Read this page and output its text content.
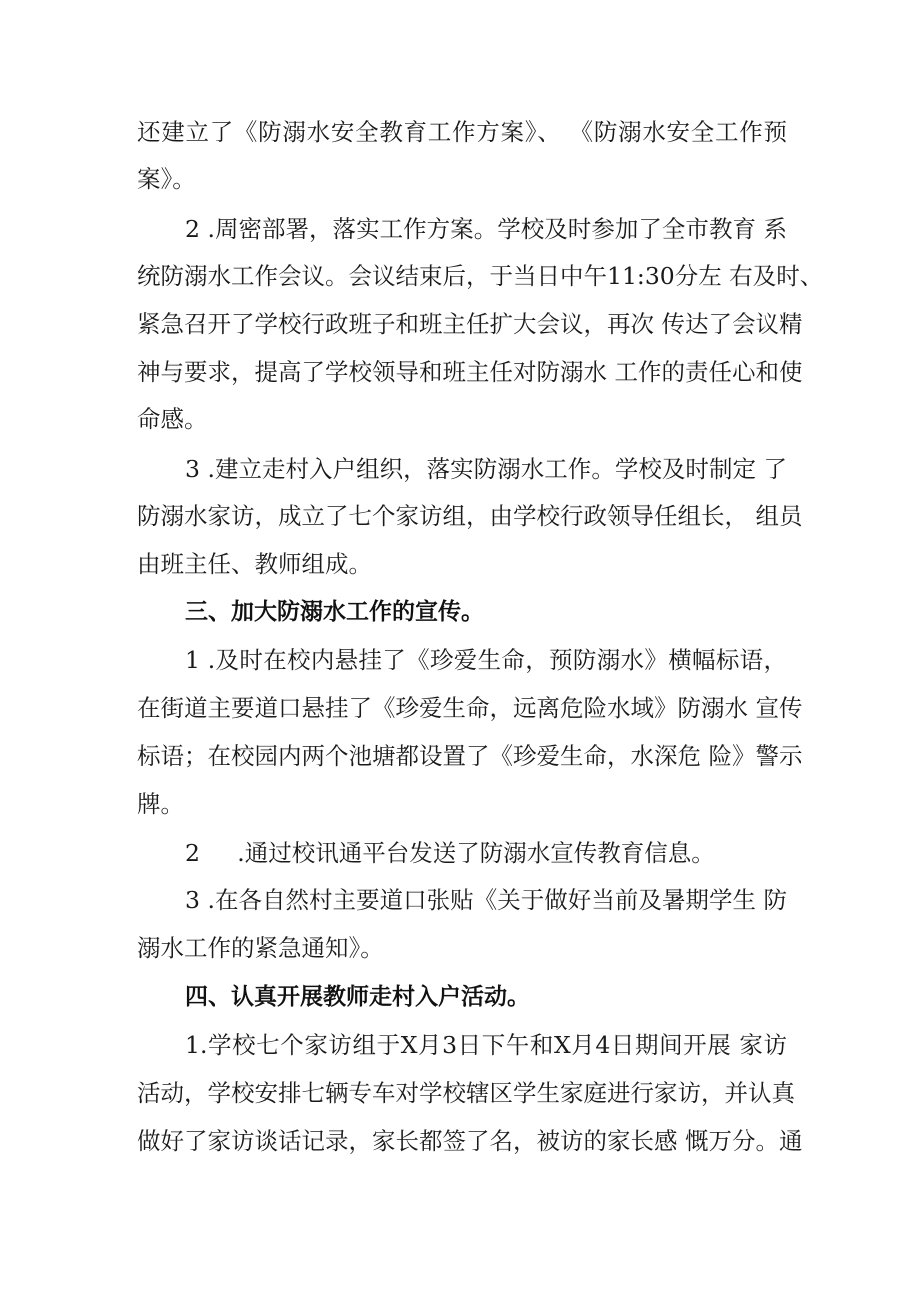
还建立了《防溺水安全教育工作方案》、 《防溺水安全工作预

案》。

2 .周密部署，落实工作方案。学校及时参加了全市教育 系

统防溺水工作会议。会议结束后，于当日中午11:30分左 右及时、

紧急召开了学校行政班子和班主任扩大会议，再次 传达了会议精

神与要求，提高了学校领导和班主任对防溺水 工作的责任心和使

命感。

3 .建立走村入户组织，落实防溺水工作。学校及时制定 了

防溺水家访，成立了七个家访组，由学校行政领导任组长， 组员

由班主任、教师组成。

三、加大防溺水工作的宣传。

1 .及时在校内悬挂了《珍爱生命，预防溺水》横幅标语，

在街道主要道口悬挂了《珍爱生命，远离危险水域》防溺水 宣传

标语；在校园内两个池塘都设置了《珍爱生命，水深危 险》警示

牌。

2     .通过校讯通平台发送了防溺水宣传教育信息。

3 .在各自然村主要道口张贴《关于做好当前及暑期学生 防

溺水工作的紧急通知》。

四、认真开展教师走村入户活动。

1.学校七个家访组于X月3日下午和X月4日期间开展 家访

活动，学校安排七辆专车对学校辖区学生家庭进行家访，并认真

做好了家访谈话记录，家长都签了名，被访的家长感 慨万分。通
